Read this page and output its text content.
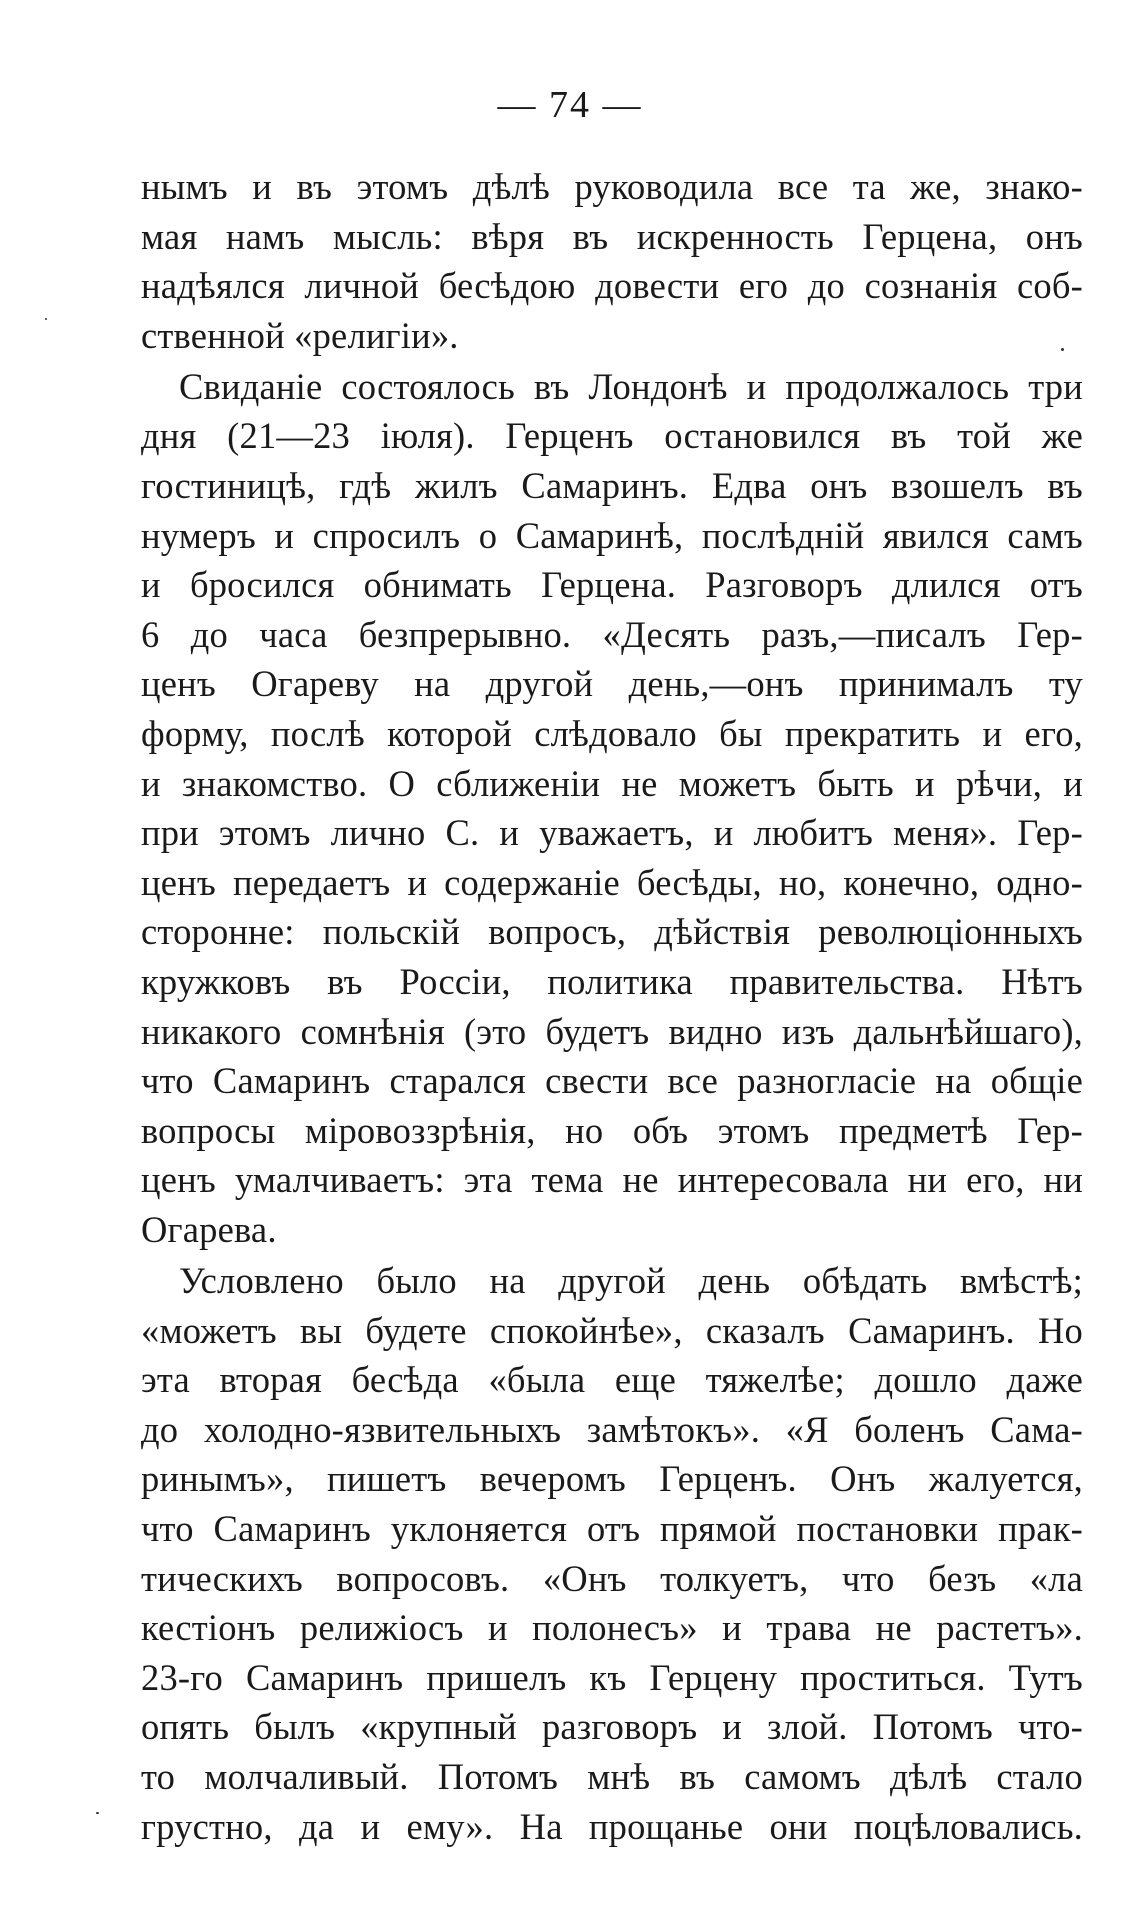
— 74 —
нымъ и въ этомъ дѣлѣ руководила все та же, знако-
мая намъ мысль: вѣря въ искренность Герцена, онъ
надѣялся личной бесѣдою довести его до сознанія соб-
ственной «религіи».
Свиданіе состоялось въ Лондонѣ и продолжалось три
дня (21—23 іюля). Герценъ остановился въ той же
гостиницѣ, гдѣ жилъ Самаринъ. Едва онъ взошелъ въ
нумеръ и спросилъ о Самаринѣ, послѣдній явился самъ
и бросился обнимать Герцена. Разговоръ длился отъ
6 до часа безпрерывно. «Десять разъ,—писалъ Гер-
ценъ Огареву на другой день,—онъ принималъ ту
форму, послѣ которой слѣдовало бы прекратить и его,
и знакомство. О сближеніи не можетъ быть и рѣчи, и
при этомъ лично С. и уважаетъ, и любитъ меня». Гер-
ценъ передаетъ и содержаніе бесѣды, но, конечно, одно-
сторонне: польскій вопросъ, дѣйствія революціонныхъ
кружковъ въ Россіи, политика правительства. Нѣтъ
никакого сомнѣнія (это будетъ видно изъ дальнѣйшаго),
что Самаринъ старался свести все разногласіе на общіе
вопросы міровоззрѣнія, но объ этомъ предметѣ Гер-
ценъ умалчиваетъ: эта тема не интересовала ни его, ни
Огарева.
Условлено было на другой день обѣдать вмѣстѣ;
«можетъ вы будете спокойнѣе», сказалъ Самаринъ. Но
эта вторая бесѣда «была еще тяжелѣе; дошло даже
до холодно-язвительныхъ замѣтокъ». «Я боленъ Сама-
ринымъ», пишетъ вечеромъ Герценъ. Онъ жалуется,
что Самаринъ уклоняется отъ прямой постановки прак-
тическихъ вопросовъ. «Онъ толкуетъ, что безъ «ла
кестіонъ релижіосъ и полонесъ» и трава не растетъ».
23-го Самаринъ пришелъ къ Герцену проститься. Тутъ
опять былъ «крупный разговоръ и злой. Потомъ что-
то молчаливый. Потомъ мнѣ въ самомъ дѣлѣ стало
грустно, да и ему». На прощанье они поцѣловались.
